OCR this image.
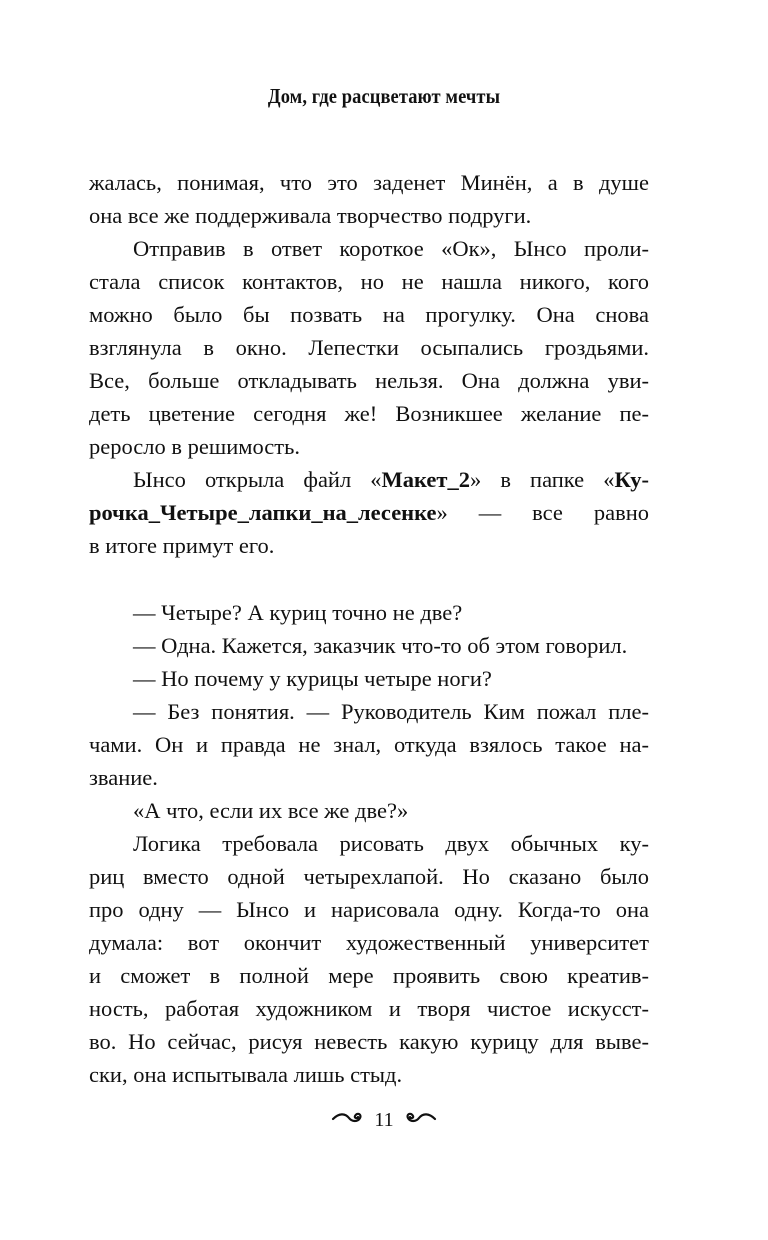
Дом, где расцветают мечты
жалась, понимая, что это заденет Минён, а в душе
она все же поддерживала творчество подруги.
Отправив в ответ короткое «Ок», Ынсо проли-
стала список контактов, но не нашла никого, кого
можно было бы позвать на прогулку. Она снова
взглянула в окно. Лепестки осыпались гроздьями.
Все, больше откладывать нельзя. Она должна уви-
деть цветение сегодня же! Возникшее желание пе-
реросло в решимость.
Ынсо открыла файл «Макет_2» в папке «Ку-
рочка_Четыре_лапки_на_лесенке» — все равно
в итоге примут его.
— Четыре? А куриц точно не две?
— Одна. Кажется, заказчик что-то об этом говорил.
— Но почему у курицы четыре ноги?
— Без понятия. — Руководитель Ким пожал пле-
чами. Он и правда не знал, откуда взялось такое на-
звание.
«А что, если их все же две?»
Логика требовала рисовать двух обычных ку-
риц вместо одной четырехлапой. Но сказано было
про одну — Ынсо и нарисовала одну. Когда-то она
думала: вот окончит художественный университет
и сможет в полной мере проявить свою креатив-
ность, работая художником и творя чистое искусст-
во. Но сейчас, рисуя невесть какую курицу для выве-
ски, она испытывала лишь стыд.
11
